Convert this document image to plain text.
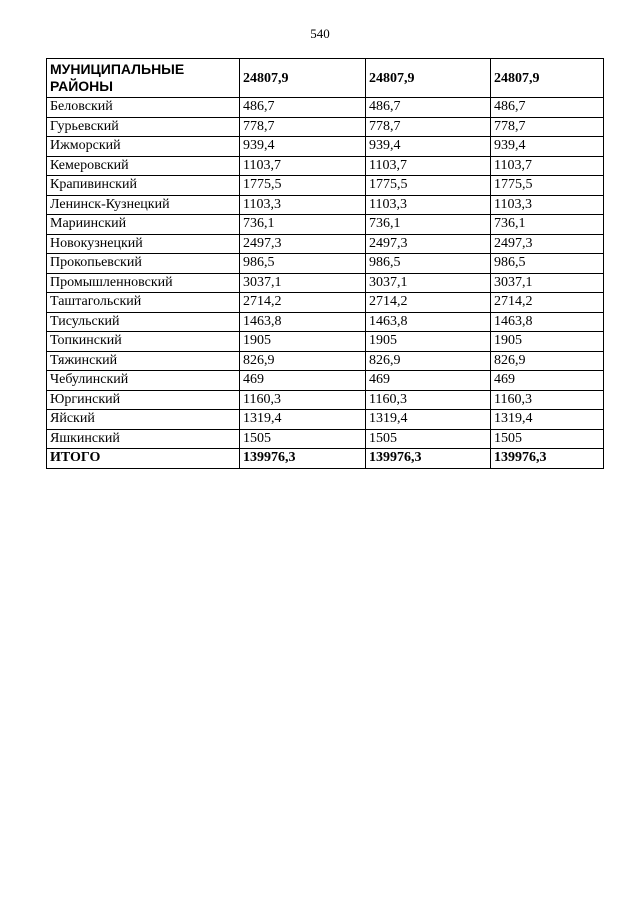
540
МУНИЦИПАЛЬНЫЕ РАЙОНЫ	24807,9	24807,9	24807,9
Беловский	486,7	486,7	486,7
Гурьевский	778,7	778,7	778,7
Ижморский	939,4	939,4	939,4
Кемеровский	1103,7	1103,7	1103,7
Крапивинский	1775,5	1775,5	1775,5
Ленинск-Кузнецкий	1103,3	1103,3	1103,3
Мариинский	736,1	736,1	736,1
Новокузнецкий	2497,3	2497,3	2497,3
Прокопьевский	986,5	986,5	986,5
Промышленновский	3037,1	3037,1	3037,1
Таштагольский	2714,2	2714,2	2714,2
Тисульский	1463,8	1463,8	1463,8
Топкинский	1905	1905	1905
Тяжинский	826,9	826,9	826,9
Чебулинский	469	469	469
Юргинский	1160,3	1160,3	1160,3
Яйский	1319,4	1319,4	1319,4
Яшкинский	1505	1505	1505
ИТОГО	139976,3	139976,3	139976,3
